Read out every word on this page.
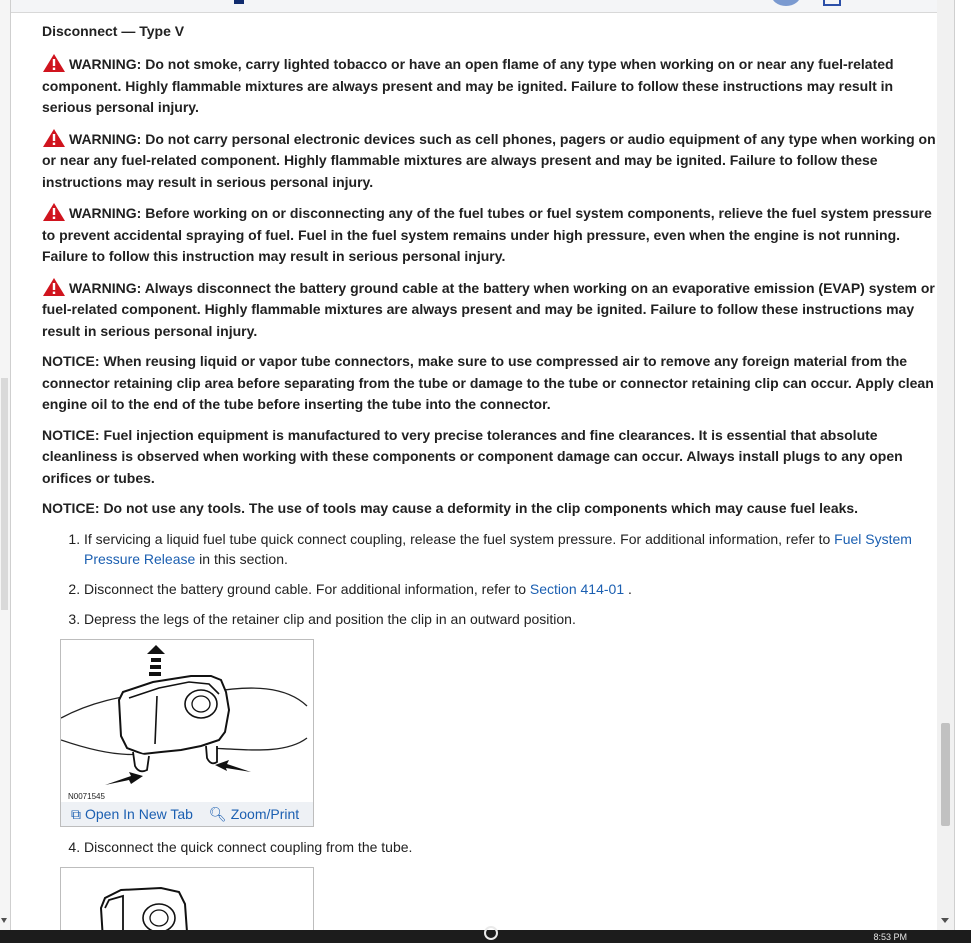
Disconnect — Type V
WARNING: Do not smoke, carry lighted tobacco or have an open flame of any type when working on or near any fuel-related component. Highly flammable mixtures are always present and may be ignited. Failure to follow these instructions may result in serious personal injury.
WARNING: Do not carry personal electronic devices such as cell phones, pagers or audio equipment of any type when working on or near any fuel-related component. Highly flammable mixtures are always present and may be ignited. Failure to follow these instructions may result in serious personal injury.
WARNING: Before working on or disconnecting any of the fuel tubes or fuel system components, relieve the fuel system pressure to prevent accidental spraying of fuel. Fuel in the fuel system remains under high pressure, even when the engine is not running. Failure to follow this instruction may result in serious personal injury.
WARNING: Always disconnect the battery ground cable at the battery when working on an evaporative emission (EVAP) system or fuel-related component. Highly flammable mixtures are always present and may be ignited. Failure to follow these instructions may result in serious personal injury.
NOTICE: When reusing liquid or vapor tube connectors, make sure to use compressed air to remove any foreign material from the connector retaining clip area before separating from the tube or damage to the tube or connector retaining clip can occur. Apply clean engine oil to the end of the tube before inserting the tube into the connector.
NOTICE: Fuel injection equipment is manufactured to very precise tolerances and fine clearances. It is essential that absolute cleanliness is observed when working with these components or component damage can occur. Always install plugs to any open orifices or tubes.
NOTICE: Do not use any tools. The use of tools may cause a deformity in the clip components which may cause fuel leaks.
1. If servicing a liquid fuel tube quick connect coupling, release the fuel system pressure. For additional information, refer to Fuel System Pressure Release in this section.
2. Disconnect the battery ground cable. For additional information, refer to Section 414-01 .
3. Depress the legs of the retainer clip and position the clip in an outward position.
N0071545
⧉ Open In New Tab 🔍︎ Zoom/Print
4. Disconnect the quick connect coupling from the tube.
8:53 PM
